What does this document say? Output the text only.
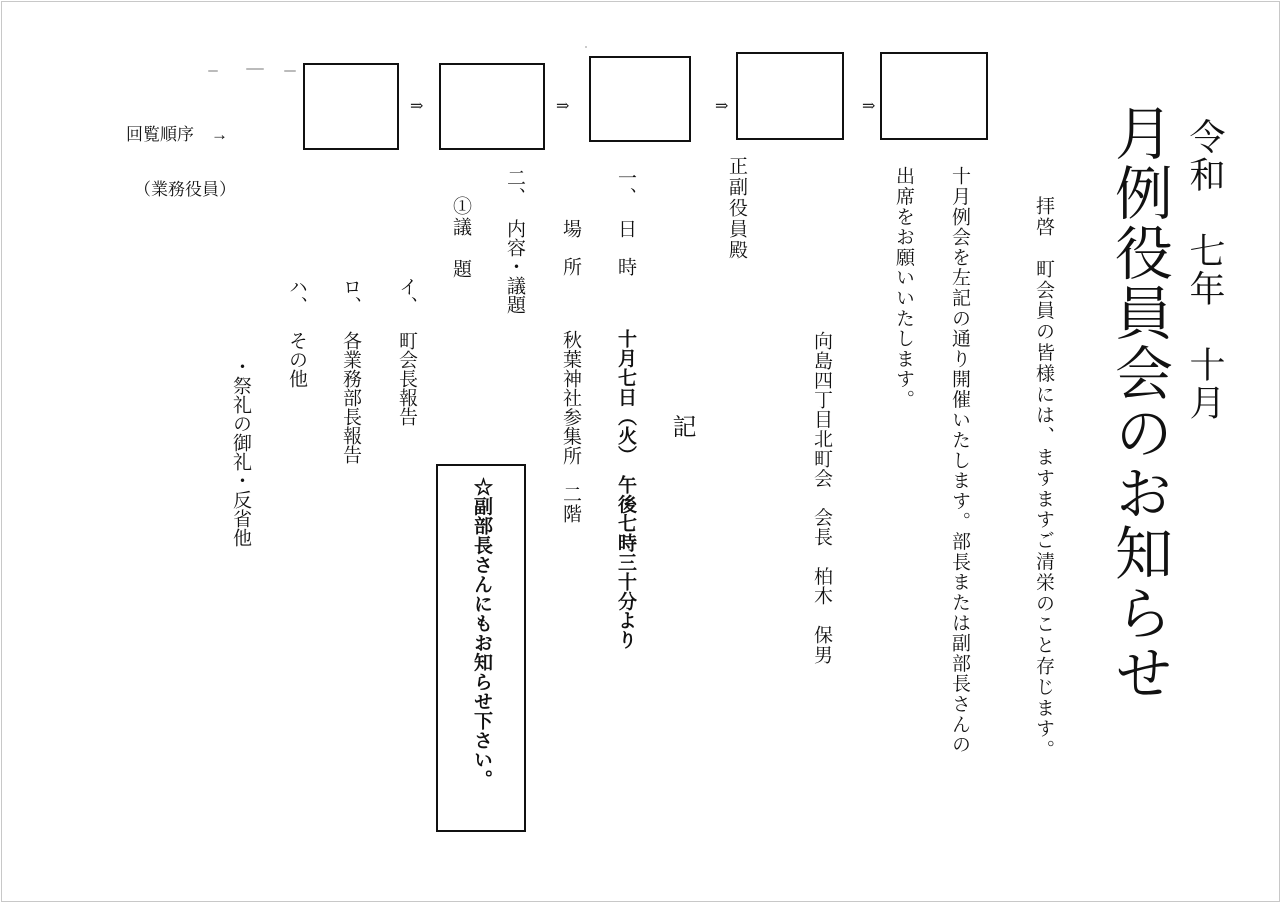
令和　七年　十月
月例役員会のお知らせ
拝啓　町会員の皆様には、ますますご清栄のこと存じます。
十月例会を左記の通り開催いたします。部長または副部長さんの
出席をお願いいたします。
向島四丁目北町会　会長　柏木　保男
正副役員殿
記
一、
日　時
十月七日（火）　午後七時三十分より
場　所
秋葉神社参集所　二階
二、
内容・議題
①議　題
イ、
町会長報告
ロ、
各業務部長報告
ハ、
その他
・祭礼の御礼・反省他
☆副部長さんにもお知らせ下さい。
回覧順序　→
（業務役員）
⇒	⇒	⇒	⇒
